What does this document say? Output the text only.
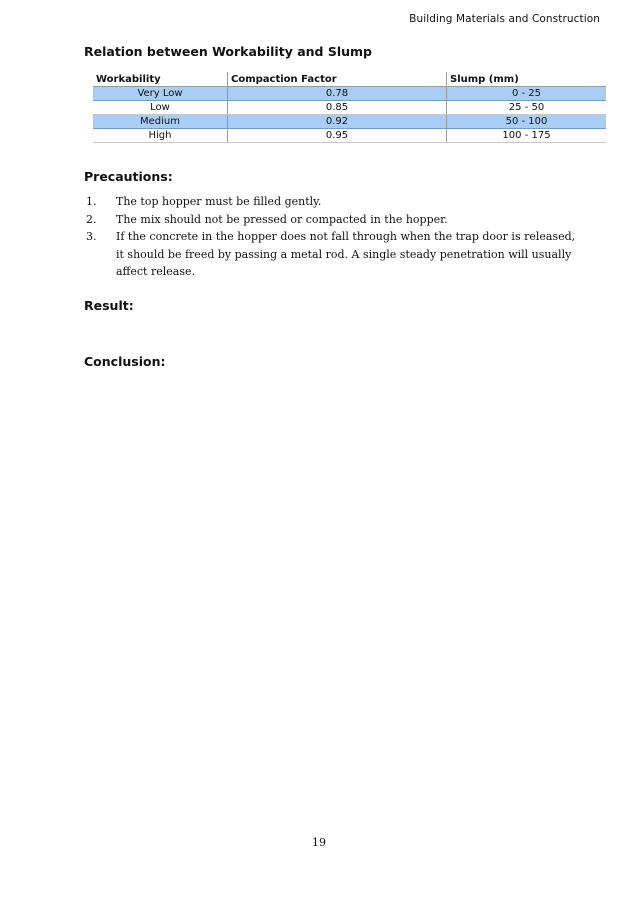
Building Materials and Construction
Relation between Workability and Slump
Workability	Compaction Factor	Slump (mm)
Very Low	0.78	0 - 25
Low	0.85	25 - 50
Medium	0.92	50 - 100
High	0.95	100 - 175
Precautions:
1.	The top hopper must be filled gently.
2.	The mix should not be pressed or compacted in the hopper.
3.	If the concrete in the hopper does not fall through when the trap door is released, it should be freed by passing a metal rod. A single steady penetration will usually affect release.
Result:
Conclusion:
19
